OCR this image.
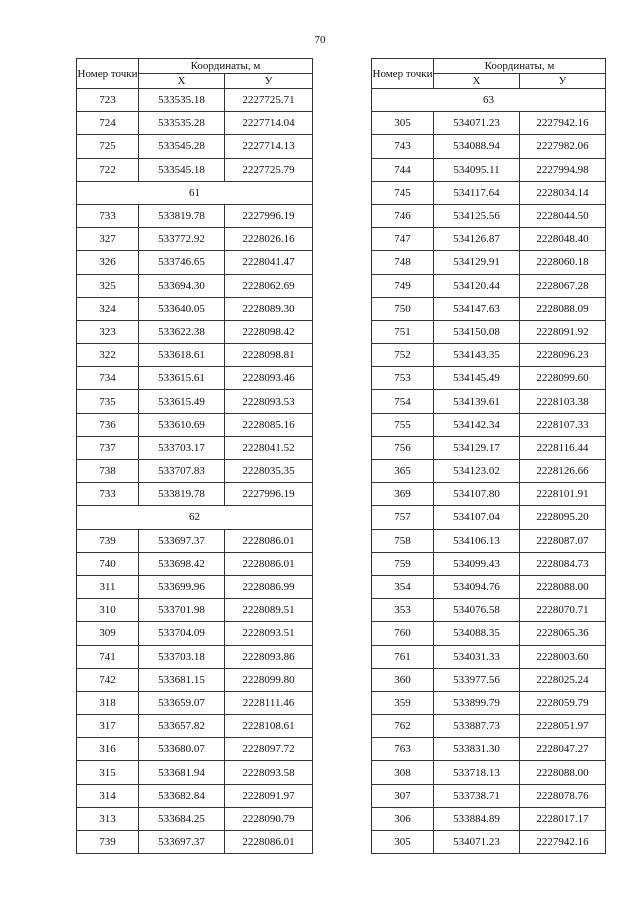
70
Номер точки	Координаты, м	
	Х	У
723	533535.18	2227725.71
724	533535.28	2227714.04
725	533545.28	2227714.13
722	533545.18	2227725.79
61		
733	533819.78	2227996.19
327	533772.92	2228026.16
326	533746.65	2228041.47
325	533694.30	2228062.69
324	533640.05	2228089.30
323	533622.38	2228098.42
322	533618.61	2228098.81
734	533615.61	2228093.46
735	533615.49	2228093.53
736	533610.69	2228085.16
737	533703.17	2228041.52
738	533707.83	2228035.35
733	533819.78	2227996.19
62		
739	533697.37	2228086.01
740	533698.42	2228086.01
311	533699.96	2228086.99
310	533701.98	2228089.51
309	533704.09	2228093.51
741	533703.18	2228093.86
742	533681.15	2228099.80
318	533659.07	2228111.46
317	533657.82	2228108.61
316	533680.07	2228097.72
315	533681.94	2228093.58
314	533682.84	2228091.97
313	533684.25	2228090.79
739	533697.37	2228086.01
Номер точки	Координаты, м	
	Х	У
63		
305	534071.23	2227942.16
743	534088.94	2227982.06
744	534095.11	2227994.98
745	534117.64	2228034.14
746	534125.56	2228044.50
747	534126.87	2228048.40
748	534129.91	2228060.18
749	534120.44	2228067.28
750	534147.63	2228088.09
751	534150.08	2228091.92
752	534143.35	2228096.23
753	534145.49	2228099.60
754	534139.61	2228103.38
755	534142.34	2228107.33
756	534129.17	2228116.44
365	534123.02	2228126.66
369	534107.80	2228101.91
757	534107.04	2228095.20
758	534106.13	2228087.07
759	534099.43	2228084.73
354	534094.76	2228088.00
353	534076.58	2228070.71
760	534088.35	2228065.36
761	534031.33	2228003.60
360	533977.56	2228025.24
359	533899.79	2228059.79
762	533887.73	2228051.97
763	533831.30	2228047.27
308	533718.13	2228088.00
307	533738.71	2228078.76
306	533884.89	2228017.17
305	534071.23	2227942.16
